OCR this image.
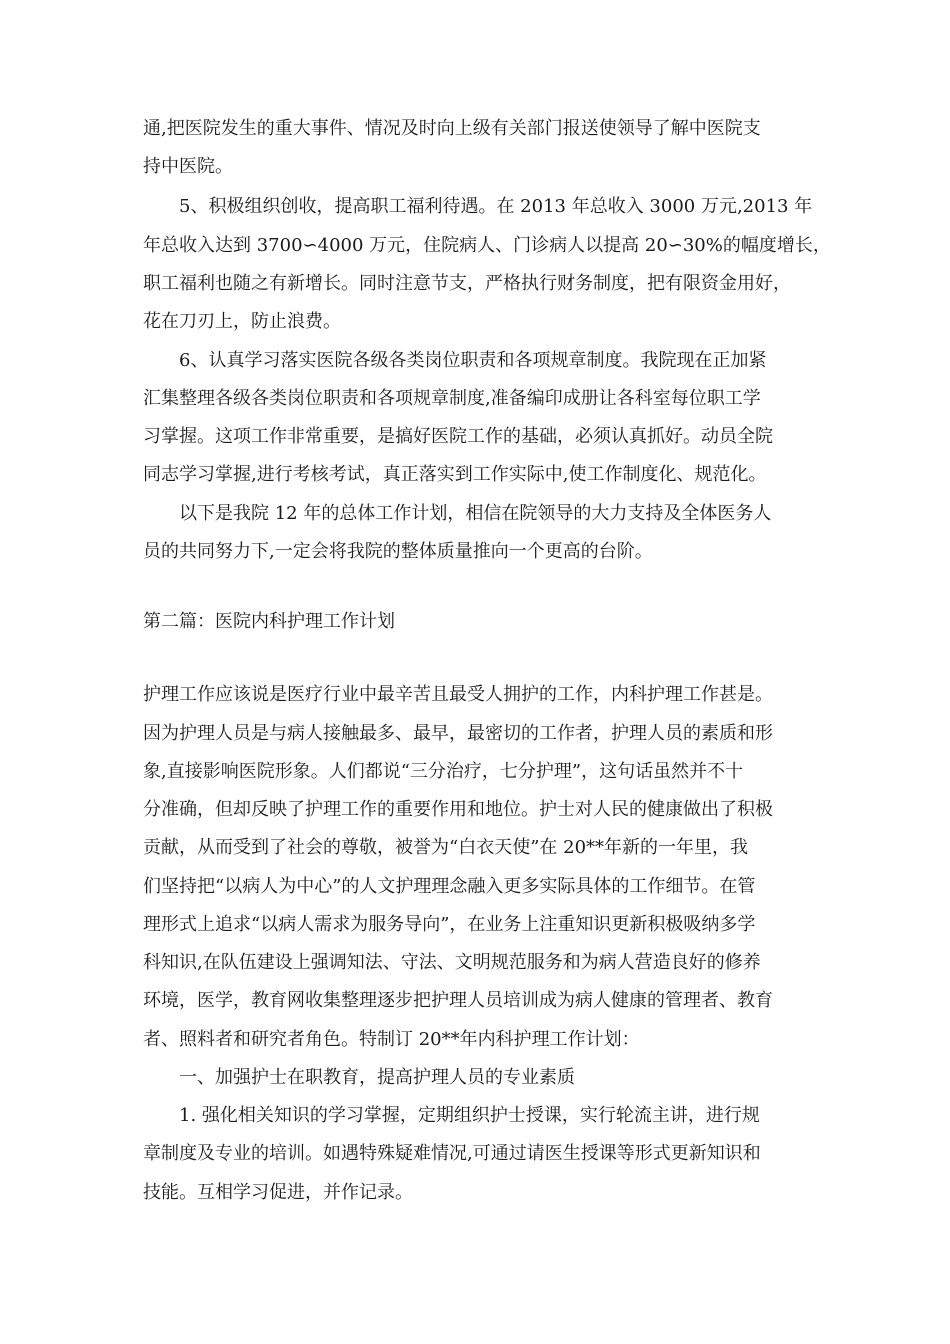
通,把医院发生的重大事件、情况及时向上级有关部门报送使领导了解中医院支
持中医院。
5、积极组织创收，提高职工福利待遇。在 2013 年总收入 3000 万元,2013 年
年总收入达到 3700∽4000 万元，住院病人、门诊病人以提高 20∽30%的幅度增长，
职工福利也随之有新增长。同时注意节支，严格执行财务制度，把有限资金用好，
花在刀刃上，防止浪费。
6、认真学习落实医院各级各类岗位职责和各项规章制度。我院现在正加紧
汇集整理各级各类岗位职责和各项规章制度,准备编印成册让各科室每位职工学
习掌握。这项工作非常重要，是搞好医院工作的基础，必须认真抓好。动员全院
同志学习掌握,进行考核考试，真正落实到工作实际中,使工作制度化、规范化。
以下是我院 12 年的总体工作计划，相信在院领导的大力支持及全体医务人
员的共同努力下,一定会将我院的整体质量推向一个更高的台阶。
第二篇：医院内科护理工作计划
护理工作应该说是医疗行业中最辛苦且最受人拥护的工作，内科护理工作甚是。
因为护理人员是与病人接触最多、最早，最密切的工作者，护理人员的素质和形
象,直接影响医院形象。人们都说“三分治疗，七分护理”，这句话虽然并不十
分准确，但却反映了护理工作的重要作用和地位。护士对人民的健康做出了积极
贡献，从而受到了社会的尊敬，被誉为“白衣天使”在 20**年新的一年里，我
们坚持把“以病人为中心”的人文护理理念融入更多实际具体的工作细节。在管
理形式上追求“以病人需求为服务导向”，在业务上注重知识更新积极吸纳多学
科知识,在队伍建设上强调知法、守法、文明规范服务和为病人营造良好的修养
环境，医学，教育网收集整理逐步把护理人员培训成为病人健康的管理者、教育
者、照料者和研究者角色。特制订 20**年内科护理工作计划：
一、加强护士在职教育，提高护理人员的专业素质
1. 强化相关知识的学习掌握，定期组织护士授课，实行轮流主讲，进行规
章制度及专业的培训。如遇特殊疑难情况,可通过请医生授课等形式更新知识和
技能。互相学习促进，并作记录。
